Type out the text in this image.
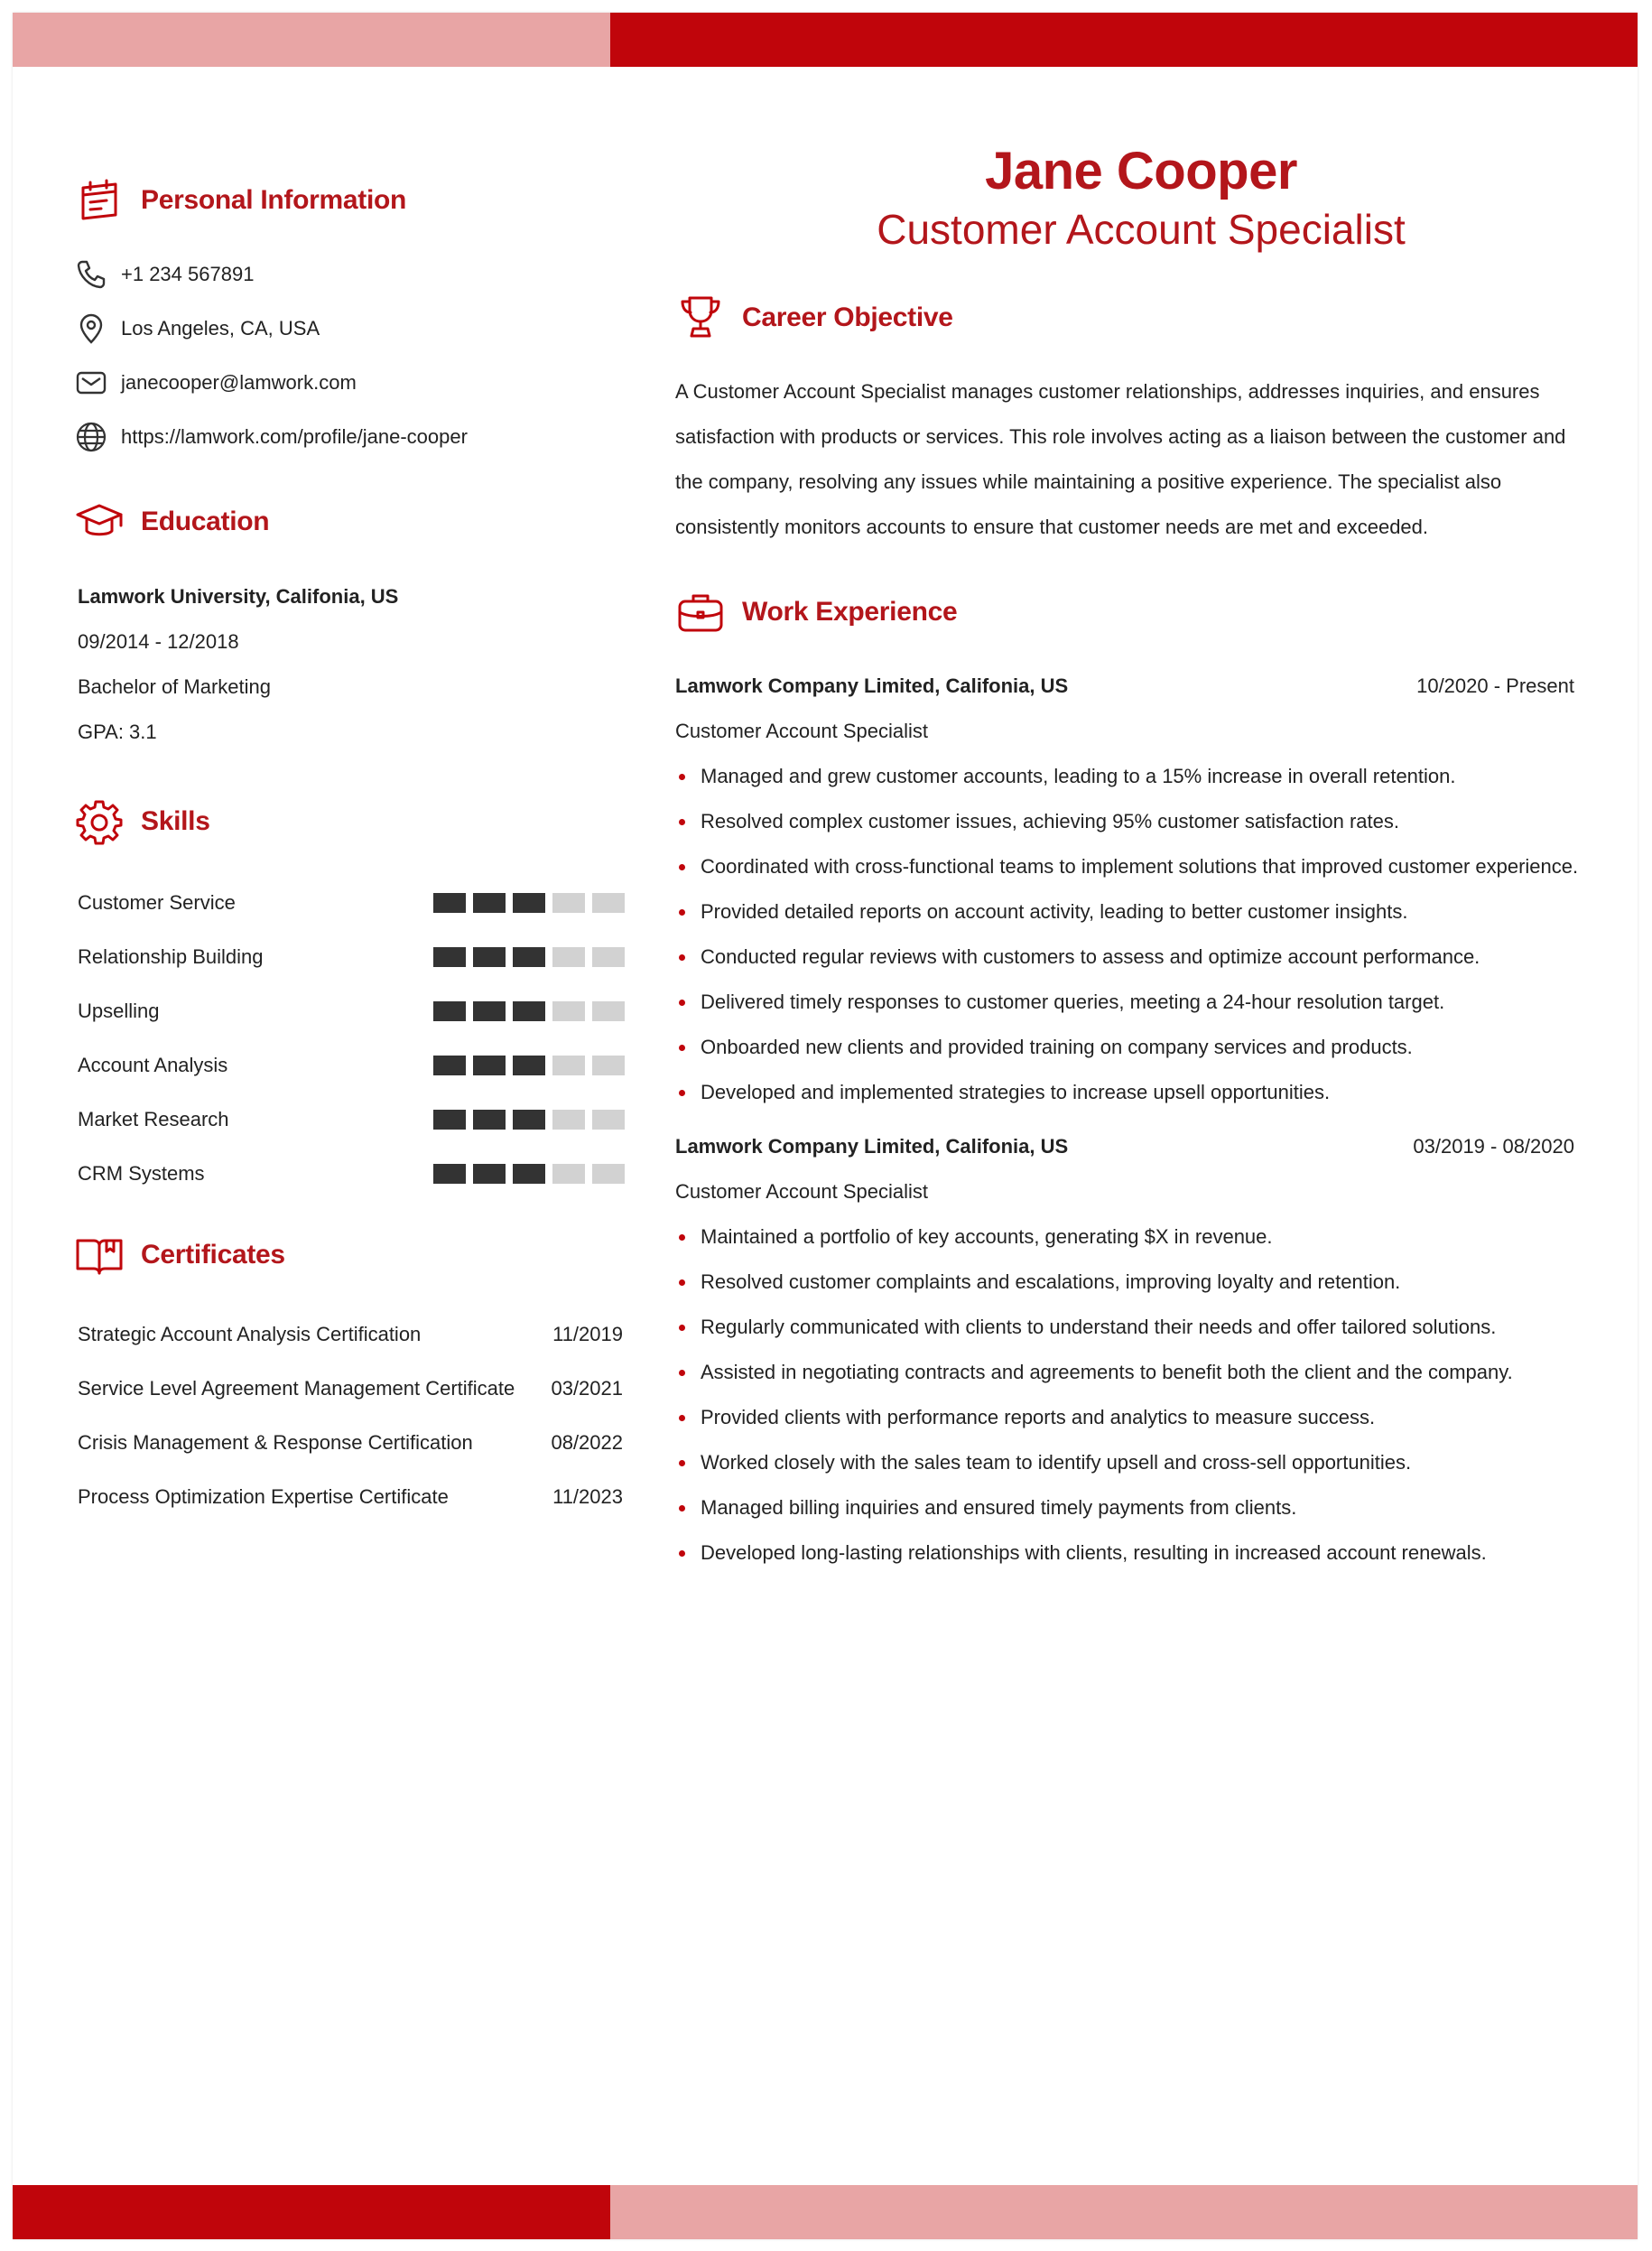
Personal Information
+1 234 567891
Los Angeles, CA, USA
janecooper@lamwork.com
https://lamwork.com/profile/jane-cooper
Education
Lamwork University, Califonia, US
09/2014 - 12/2018
Bachelor of Marketing
GPA: 3.1
Skills
Customer Service
Relationship Building
Upselling
Account Analysis
Market Research
CRM Systems
Certificates
Strategic Account Analysis Certification	11/2019
Service Level Agreement Management Certificate 03/2021
Crisis Management & Response Certification	08/2022
Process Optimization Expertise Certificate	11/2023
Jane Cooper
Customer Account Specialist
Career Objective
A Customer Account Specialist manages customer relationships, addresses inquiries, and ensures
satisfaction with products or services. This role involves acting as a liaison between the customer and
the company, resolving any issues while maintaining a positive experience. The specialist also
consistently monitors accounts to ensure that customer needs are met and exceeded.
Work Experience
Lamwork Company Limited, Califonia, US	10/2020 - Present
Customer Account Specialist
Managed and grew customer accounts, leading to a 15% increase in overall retention.
Resolved complex customer issues, achieving 95% customer satisfaction rates.
Coordinated with cross-functional teams to implement solutions that improved customer experience.
Provided detailed reports on account activity, leading to better customer insights.
Conducted regular reviews with customers to assess and optimize account performance.
Delivered timely responses to customer queries, meeting a 24-hour resolution target.
Onboarded new clients and provided training on company services and products.
Developed and implemented strategies to increase upsell opportunities.
Lamwork Company Limited, Califonia, US	03/2019 - 08/2020
Customer Account Specialist
Maintained a portfolio of key accounts, generating $X in revenue.
Resolved customer complaints and escalations, improving loyalty and retention.
Regularly communicated with clients to understand their needs and offer tailored solutions.
Assisted in negotiating contracts and agreements to benefit both the client and the company.
Provided clients with performance reports and analytics to measure success.
Worked closely with the sales team to identify upsell and cross-sell opportunities.
Managed billing inquiries and ensured timely payments from clients.
Developed long-lasting relationships with clients, resulting in increased account renewals.
